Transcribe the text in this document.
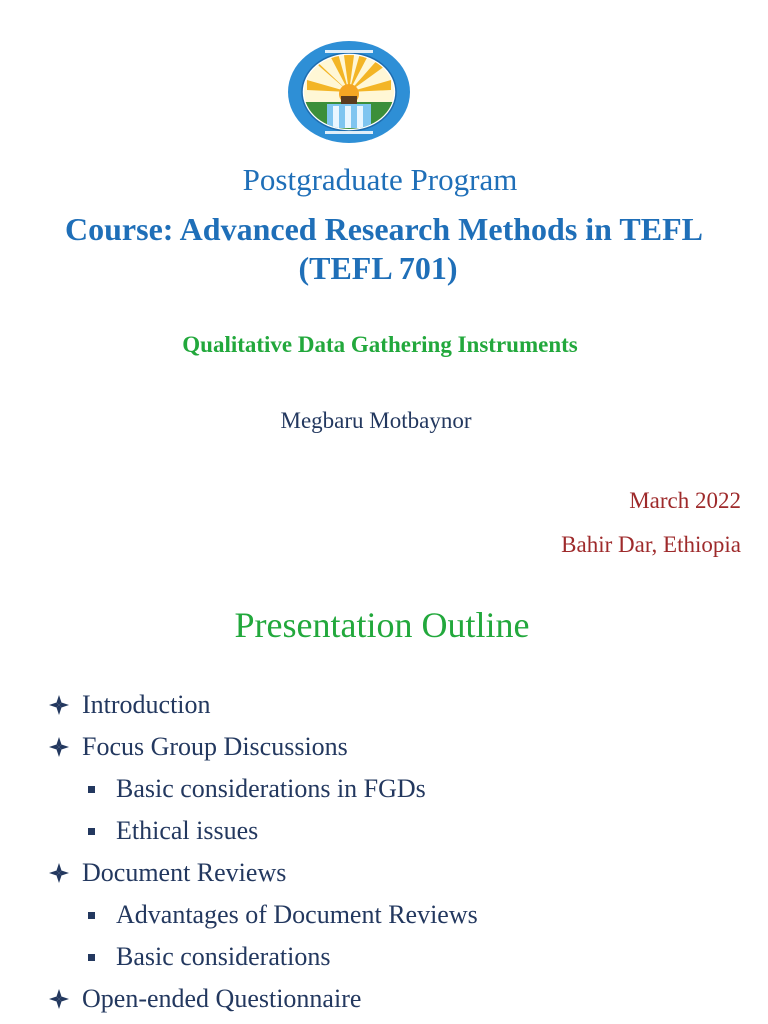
Postgraduate Program
Course: Advanced Research Methods in TEFL
(TEFL 701)
Qualitative Data Gathering Instruments
Megbaru Motbaynor
March 2022
Bahir Dar, Ethiopia
Presentation Outline
Introduction
Focus Group Discussions
Basic considerations in FGDs
Ethical issues
Document Reviews
Advantages of Document Reviews
Basic considerations
Open-ended Questionnaire
